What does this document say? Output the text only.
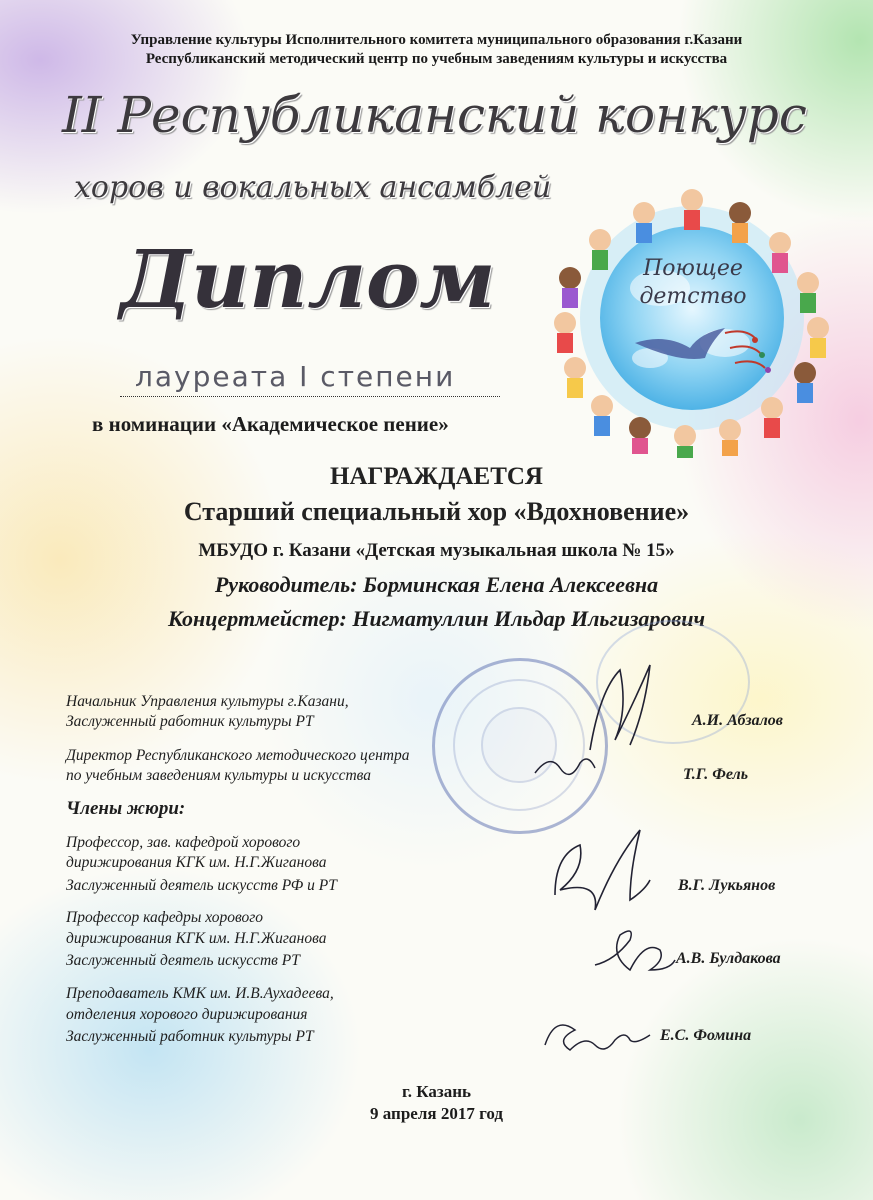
Управление культуры Исполнительного комитета муниципального образования г.Казани
Республиканский методический центр по учебным заведениям культуры и искусства
II Республиканский конкурс
хоров и вокальных ансамблей
Диплом	Поющее
детство
лауреата I степени
в номинации «Академическое пение»
НАГРАЖДАЕТСЯ
Старший специальный хор «Вдохновение»
МБУДО г. Казани «Детская музыкальная школа № 15»
Руководитель: Борминская Елена Алексеевна
Концертмейстер: Нигматуллин Ильдар Ильгизарович
Начальник Управления культуры г.Казани,
Заслуженный работник культуры РТ	А.И. Абзалов
Директор Республиканского методического центра
по учебным заведениям культуры и искусства	Т.Г. Фель
Члены жюри:
Профессор, зав. кафедрой хорового
дирижирования КГК им. Н.Г.Жиганова
Заслуженный деятель искусств РФ и РТ	В.Г. Лукьянов
Профессор кафедры хорового
дирижирования КГК им. Н.Г.Жиганова
Заслуженный деятель искусств РТ	А.В. Булдакова
Преподаватель КМК им. И.В.Аухадеева,
отделения хорового дирижирования
Заслуженный работник культуры РТ	Е.С. Фомина
г. Казань
9 апреля 2017 год
